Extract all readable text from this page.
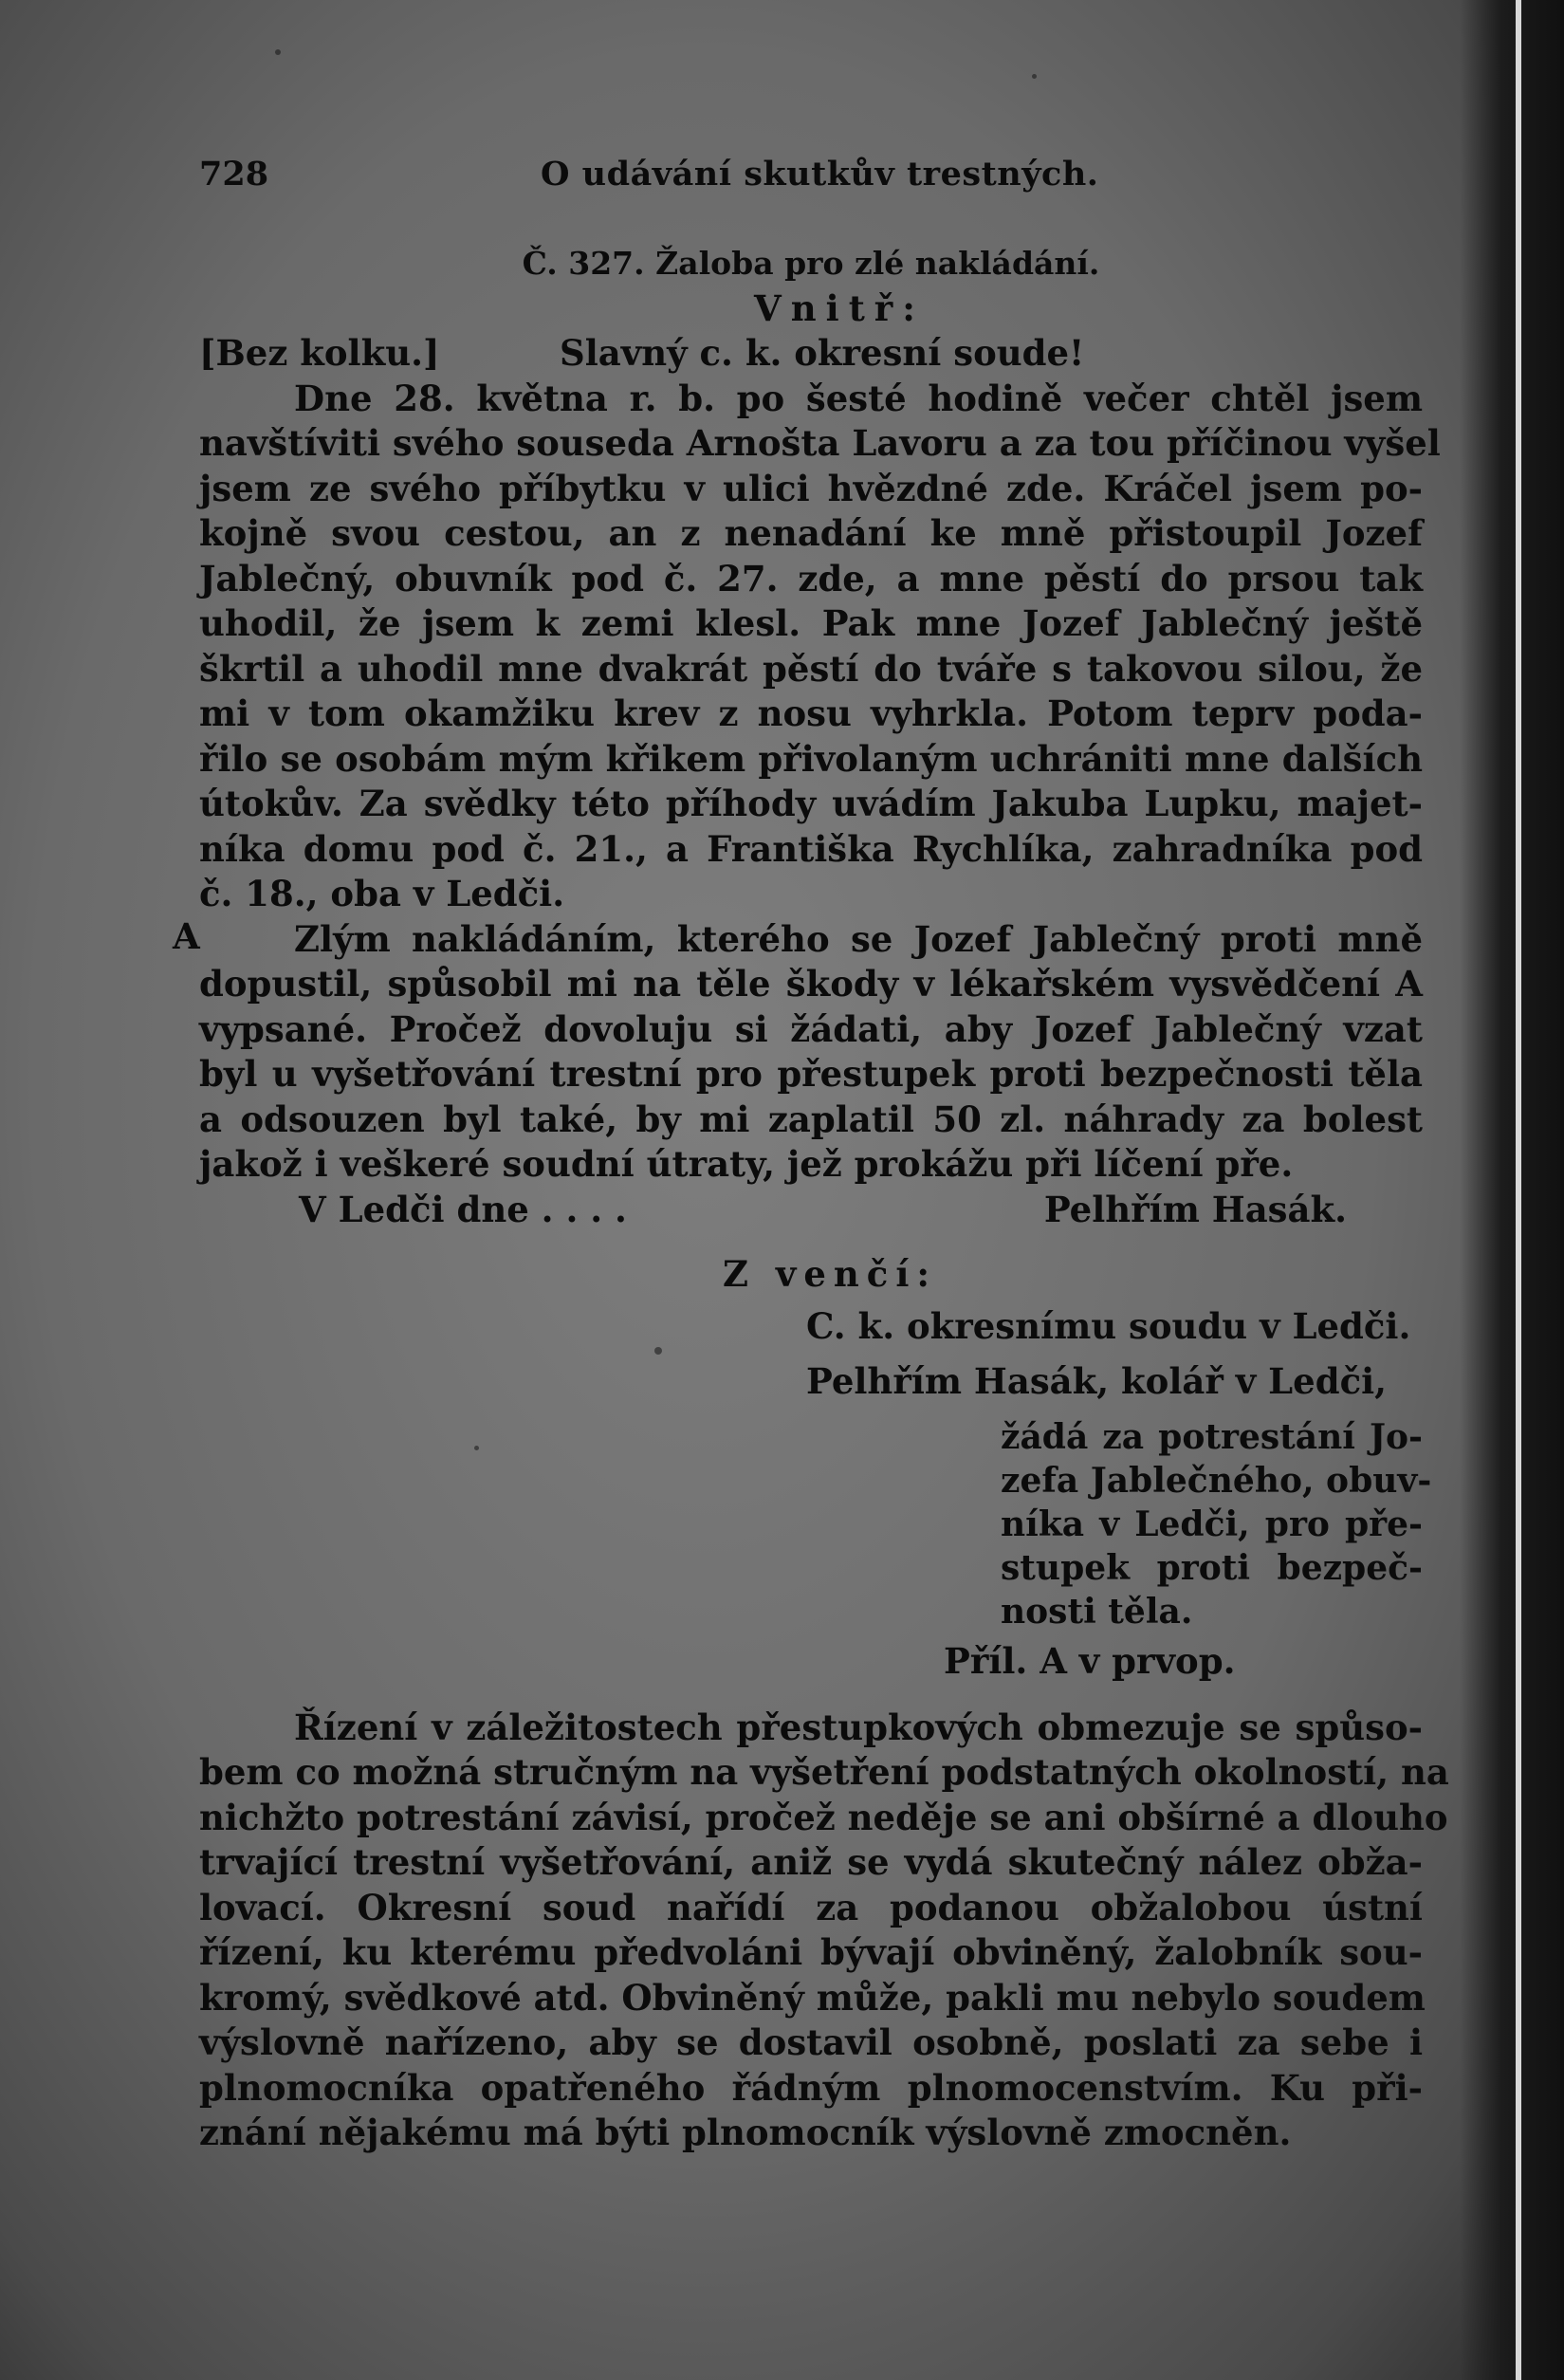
A
728	O udávání skutkův trestných.
Č. 327. Žaloba pro zlé nakládání.
Vnitř:
[Bez kolku.]	Slavný c. k. okresní soude!
Dne 28. května r. b. po šesté hodině večer chtěl jsem
navštíviti svého souseda Arnošta Lavoru a za tou příčinou vyšel
jsem ze svého příbytku v ulici hvězdné zde. Kráčel jsem po-
kojně svou cestou, an z nenadání ke mně přistoupil Jozef
Jablečný, obuvník pod č. 27. zde, a mne pěstí do prsou tak
uhodil, že jsem k zemi klesl. Pak mne Jozef Jablečný ještě
škrtil a uhodil mne dvakrát pěstí do tváře s takovou silou, že
mi v tom okamžiku krev z nosu vyhrkla. Potom teprv poda-
řilo se osobám mým křikem přivolaným uchrániti mne dalších
útokův. Za svědky této příhody uvádím Jakuba Lupku, majet-
níka domu pod č. 21., a Františka Rychlíka, zahradníka pod
č. 18., oba v Ledči.
Zlým nakládáním, kterého se Jozef Jablečný proti mně
dopustil, spůsobil mi na těle škody v lékařském vysvědčení A
vypsané. Pročež dovoluju si žádati, aby Jozef Jablečný vzat
byl u vyšetřování trestní pro přestupek proti bezpečnosti těla
a odsouzen byl také, by mi zaplatil 50 zl. náhrady za bolest
jakož i veškeré soudní útraty, jež prokážu při líčení pře.
V Ledči dne . . . .	Pelhřím Hasák.
Z venčí:
C. k. okresnímu soudu v Ledči.
Pelhřím Hasák, kolář v Ledči,
žádá za potrestání Jo-
zefa Jablečného, obuv-
níka v Ledči, pro pře-
stupek proti bezpeč-
nosti těla.
Příl. A v prvop.
Řízení v záležitostech přestupkových obmezuje se spůso-
bem co možná stručným na vyšetření podstatných okolností, na
nichžto potrestání závisí, pročež neděje se ani obšírné a dlouho
trvající trestní vyšetřování, aniž se vydá skutečný nález obža-
lovací. Okresní soud nařídí za podanou obžalobou ústní
řízení, ku kterému předvoláni bývají obviněný, žalobník sou-
kromý, svědkové atd. Obviněný může, pakli mu nebylo soudem
výslovně nařízeno, aby se dostavil osobně, poslati za sebe i
plnomocníka opatřeného řádným plnomocenstvím. Ku při-
znání nějakému má býti plnomocník výslovně zmocněn.
